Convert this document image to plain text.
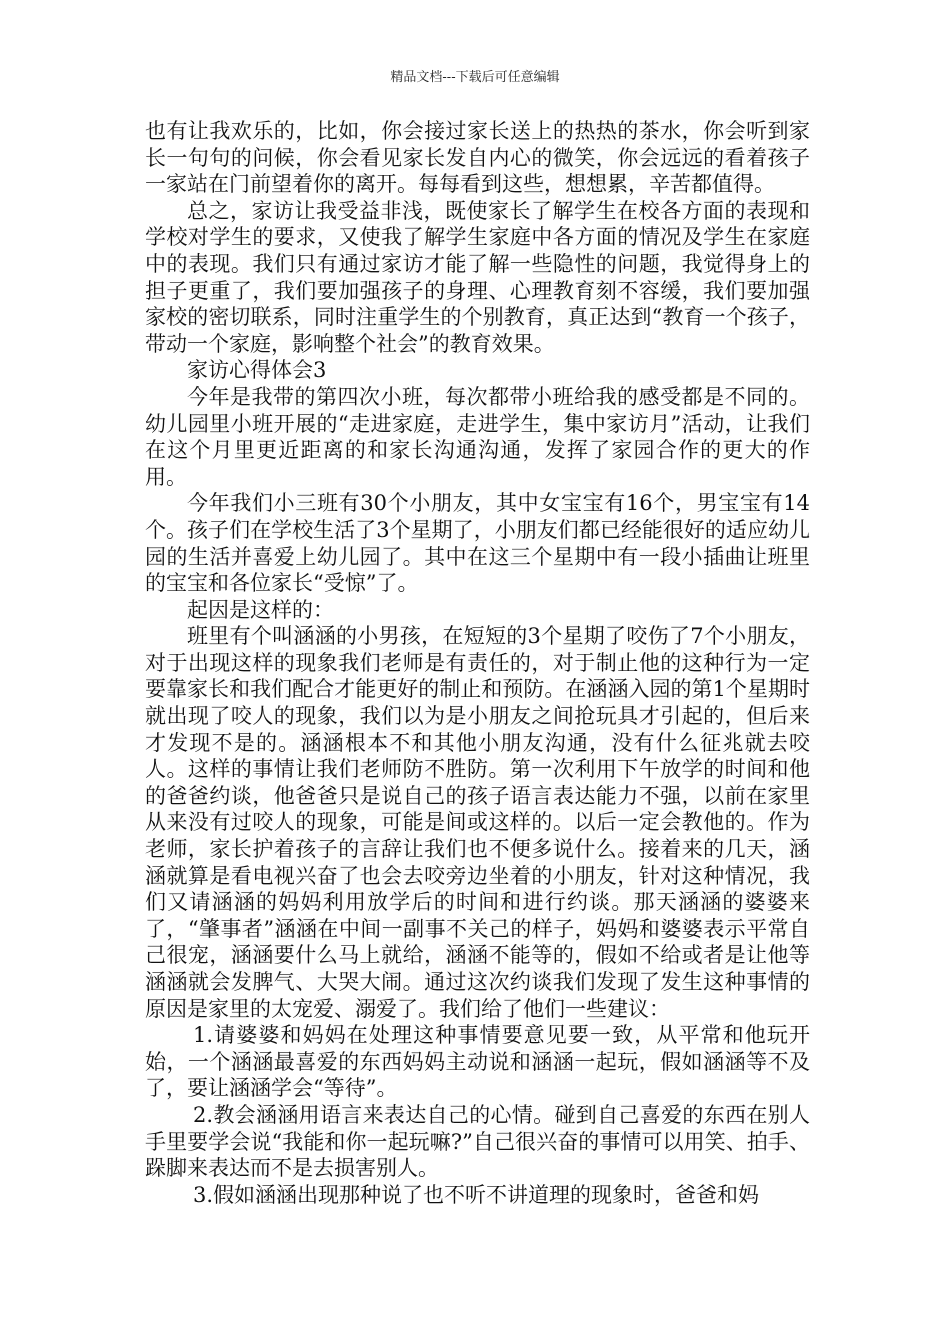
精品文档---下载后可任意编辑

也有让我欢乐的，比如，你会接过家长送上的热热的茶水，你会听到家长一句句的问候，你会看见家长发自内心的微笑，你会远远的看着孩子一家站在门前望着你的离开。每每看到这些，想想累，辛苦都值得。

总之，家访让我受益非浅，既使家长了解学生在校各方面的表现和学校对学生的要求，又使我了解学生家庭中各方面的情况及学生在家庭中的表现。我们只有通过家访才能了解一些隐性的问题，我觉得身上的担子更重了，我们要加强孩子的身理、心理教育刻不容缓，我们要加强家校的密切联系，同时注重学生的个别教育，真正达到“教育一个孩子，带动一个家庭，影响整个社会”的教育效果。

家访心得体会3

今年是我带的第四次小班，每次都带小班给我的感受都是不同的。幼儿园里小班开展的“走进家庭，走进学生，集中家访月”活动，让我们在这个月里更近距离的和家长沟通沟通，发挥了家园合作的更大的作用。

今年我们小三班有30个小朋友，其中女宝宝有16个，男宝宝有14个。孩子们在学校生活了3个星期了，小朋友们都已经能很好的适应幼儿园的生活并喜爱上幼儿园了。其中在这三个星期中有一段小插曲让班里的宝宝和各位家长“受惊”了。

起因是这样的：

班里有个叫涵涵的小男孩，在短短的3个星期了咬伤了7个小朋友，对于出现这样的现象我们老师是有责任的，对于制止他的这种行为一定要靠家长和我们配合才能更好的制止和预防。在涵涵入园的第1个星期时就出现了咬人的现象，我们以为是小朋友之间抢玩具才引起的，但后来才发现不是的。涵涵根本不和其他小朋友沟通，没有什么征兆就去咬人。这样的事情让我们老师防不胜防。第一次利用下午放学的时间和他的爸爸约谈，他爸爸只是说自己的孩子语言表达能力不强，以前在家里从来没有过咬人的现象，可能是间或这样的。以后一定会教他的。作为老师，家长护着孩子的言辞让我们也不便多说什么。接着来的几天，涵涵就算是看电视兴奋了也会去咬旁边坐着的小朋友，针对这种情况，我们又请涵涵的妈妈利用放学后的时间和进行约谈。那天涵涵的婆婆来了，“肇事者”涵涵在中间一副事不关己的样子，妈妈和婆婆表示平常自己很宠，涵涵要什么马上就给，涵涵不能等的，假如不给或者是让他等涵涵就会发脾气、大哭大闹。通过这次约谈我们发现了发生这种事情的原因是家里的太宠爱、溺爱了。我们给了他们一些建议：

1.请婆婆和妈妈在处理这种事情要意见要一致，从平常和他玩开始，一个涵涵最喜爱的东西妈妈主动说和涵涵一起玩，假如涵涵等不及了，要让涵涵学会“等待”。

2.教会涵涵用语言来表达自己的心情。碰到自己喜爱的东西在别人手里要学会说“我能和你一起玩嘛?”自己很兴奋的事情可以用笑、拍手、跺脚来表达而不是去损害别人。

3.假如涵涵出现那种说了也不听不讲道理的现象时，爸爸和妈
